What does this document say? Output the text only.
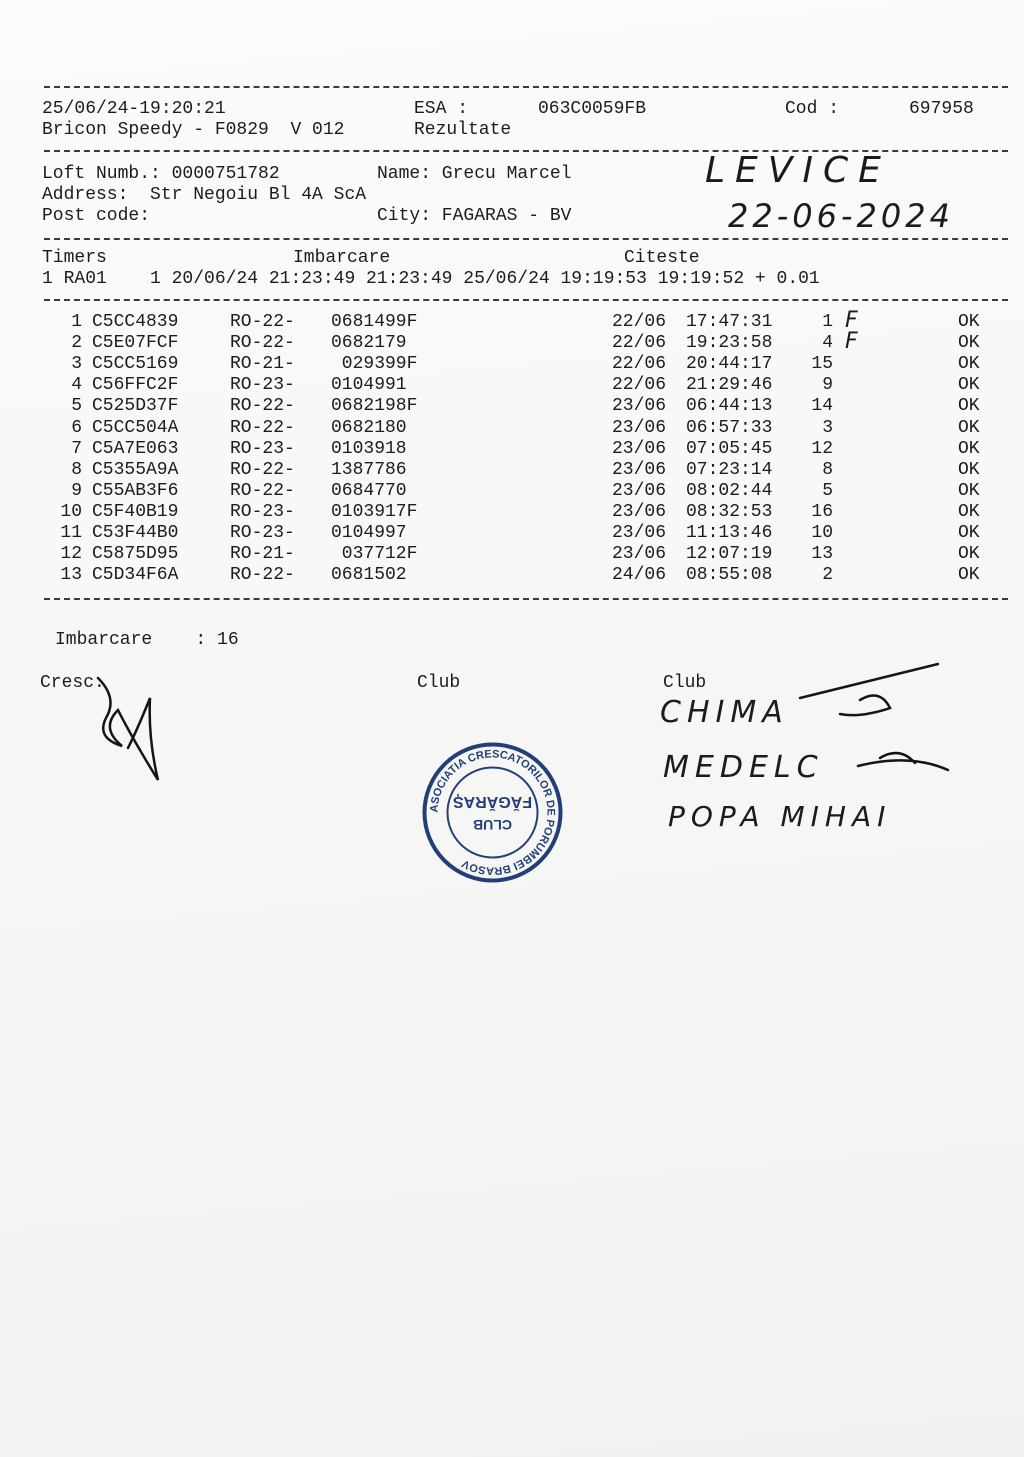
25/06/24-19:20:21	ESA :	063C0059FB	Cod :	697958
Bricon Speedy - F0829  V 012	Rezultate
Loft Numb.: 0000751782	Name: Grecu Marcel
Address:  Str Negoiu Bl 4A ScA
Post code:	City: FAGARAS - BV
LEVICE
22-06-2024
Timers	Imbarcare	Citeste
1 RA01    1 20/06/24 21:23:49 21:23:49 25/06/24 19:19:53 19:19:52 + 0.01
1 C5CC4839	RO-22- 0681499F	22/06 17:47:31	1 F	OK
2 C5E07FCF	RO-22- 0682179	22/06 19:23:58	4 F	OK
3 C5CC5169	RO-21- 029399F	22/06 20:44:17	15	OK
4 C56FFC2F	RO-23- 0104991	22/06 21:29:46	9	OK
5 C525D37F	RO-22- 0682198F	23/06 06:44:13	14	OK
6 C5CC504A	RO-22- 0682180	23/06 06:57:33	3	OK
7 C5A7E063	RO-23- 0103918	23/06 07:05:45	12	OK
8 C5355A9A	RO-22- 1387786	23/06 07:23:14	8	OK
9 C55AB3F6	RO-22- 0684770	23/06 08:02:44	5	OK
10 C5F40B19	RO-23- 0103917F	23/06 08:32:53	16	OK
11 C53F44B0	RO-23- 0104997	23/06 11:13:46	10	OK
12 C5875D95	RO-21- 037712F	23/06 12:07:19	13	OK
13 C5D34F6A	RO-22- 0681502	24/06 08:55:08	2	OK
Imbarcare    : 16
Cresc.	Club	Club
ASOCIATIA CRESCATORILOR DE PORUMBEI BRASOV
CLUB
FĂGĂRAȘ
CHIMA
MEDELC
POPA MIHAI
